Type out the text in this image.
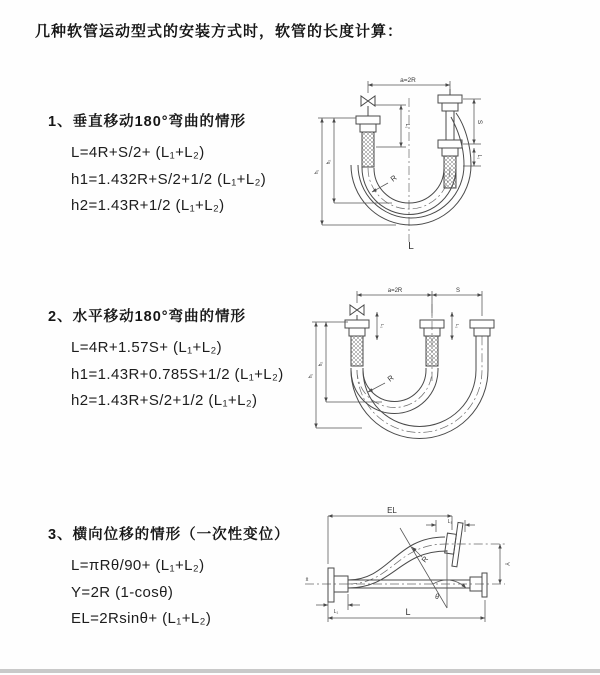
几种软管运动型式的安装方式时，软管的长度计算：
1、垂直移动180°弯曲的情形
L=4R+S/2+ (L₁+L₂)
h1=1.432R+S/2+1/2 (L₁+L₂)
h2=1.43R+1/2 (L₁+L₂)
2、水平移动180°弯曲的情形
L=4R+1.57S+ (L₁+L₂)
h1=1.43R+0.785S+1/2 (L₁+L₂)
h2=1.43R+S/2+1/2 (L₁+L₂)
3、横向位移的情形（一次性变位）
L=πRθ/90+ (L₁+L₂)
Y=2R (1-cosθ)
EL=2Rsinθ+ (L₁+L₂)
a=2R
S
L₁
L₁
h₁
h₂
R
L
a=2R	S
L₁	L₁
h₁
h₂
R
θ
R
EL
L₁
Y
L
L₁
x̄
